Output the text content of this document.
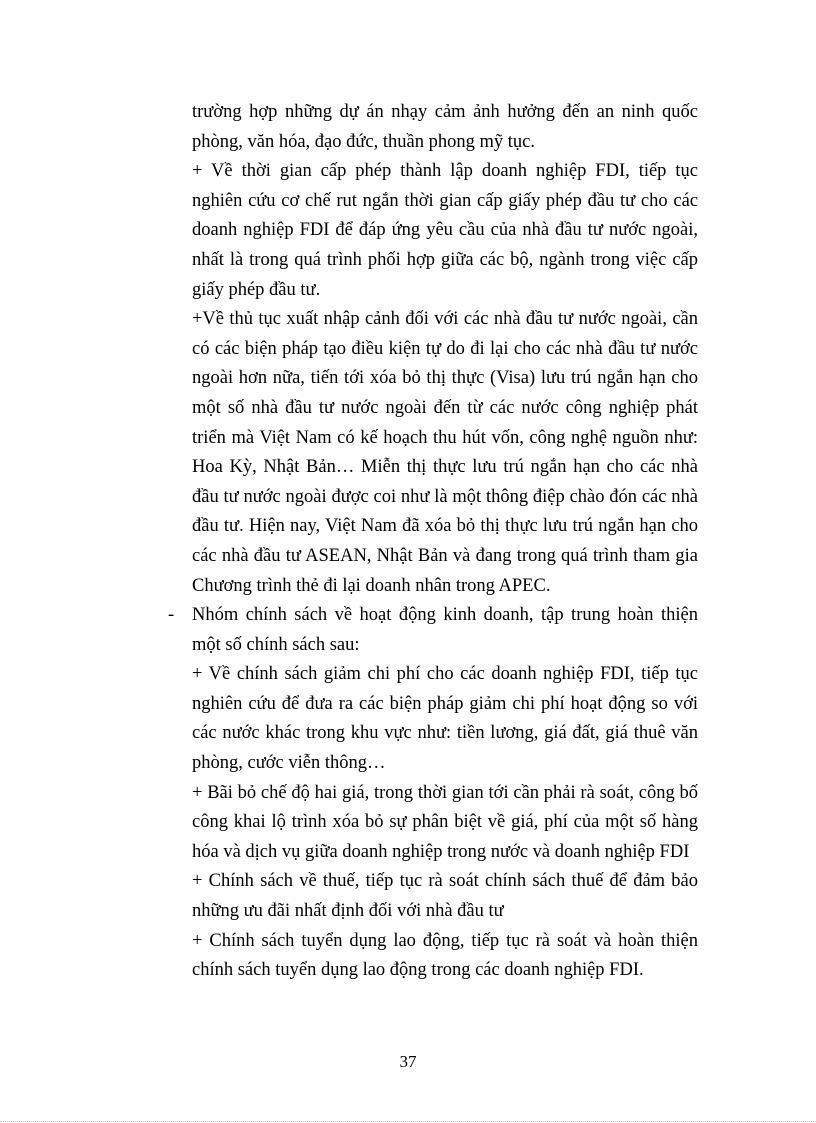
trường hợp những dự án nhạy cảm ảnh hưởng đến an ninh quốc phòng, văn hóa, đạo đức, thuần phong mỹ tục.

+ Về thời gian cấp phép thành lập doanh nghiệp FDI, tiếp tục nghiên cứu cơ chế rut ngắn thời gian cấp giấy phép đầu tư cho các doanh nghiệp FDI để đáp ứng yêu cầu của nhà đầu tư nước ngoài, nhất là trong quá trình phối hợp giữa các bộ, ngành trong việc cấp giấy phép đầu tư.

+Về thủ tục xuất nhập cảnh đối với các nhà đầu tư nước ngoài, cần có các biện pháp tạo điều kiện tự do đi lại cho các nhà đầu tư nước ngoài hơn nữa, tiến tới xóa bỏ thị thực (Visa) lưu trú ngắn hạn cho một số nhà đầu tư nước ngoài đến từ các nước công nghiệp phát triển mà Việt Nam có kế hoạch thu hút vốn, công nghệ nguồn như: Hoa Kỳ, Nhật Bản… Miễn thị thực lưu trú ngắn hạn cho các nhà đầu tư nước ngoài được coi như là một thông điệp chào đón các nhà đầu tư. Hiện nay, Việt Nam đã xóa bỏ thị thực lưu trú ngắn hạn cho các nhà đầu tư ASEAN, Nhật Bản và đang trong quá trình tham gia Chương trình thẻ đi lại doanh nhân trong APEC.

- Nhóm chính sách về hoạt động kinh doanh, tập trung hoàn thiện một số chính sách sau:

+ Về chính sách giảm chi phí cho các doanh nghiệp FDI, tiếp tục nghiên cứu để đưa ra các biện pháp giảm chi phí hoạt động so với các nước khác trong khu vực như: tiền lương, giá đất, giá thuê văn phòng, cước viễn thông…

+ Bãi bỏ chế độ hai giá, trong thời gian tới cần phải rà soát, công bố công khai lộ trình xóa bỏ sự phân biệt về giá, phí của một số hàng hóa và dịch vụ giữa doanh nghiệp trong nước và doanh nghiệp FDI

+ Chính sách về thuế, tiếp tục rà soát chính sách thuế để đảm bảo những ưu đãi nhất định đối với nhà đầu tư

+ Chính sách tuyển dụng lao động, tiếp tục rà soát và hoàn thiện chính sách tuyển dụng lao động trong các doanh nghiệp FDI.

37
